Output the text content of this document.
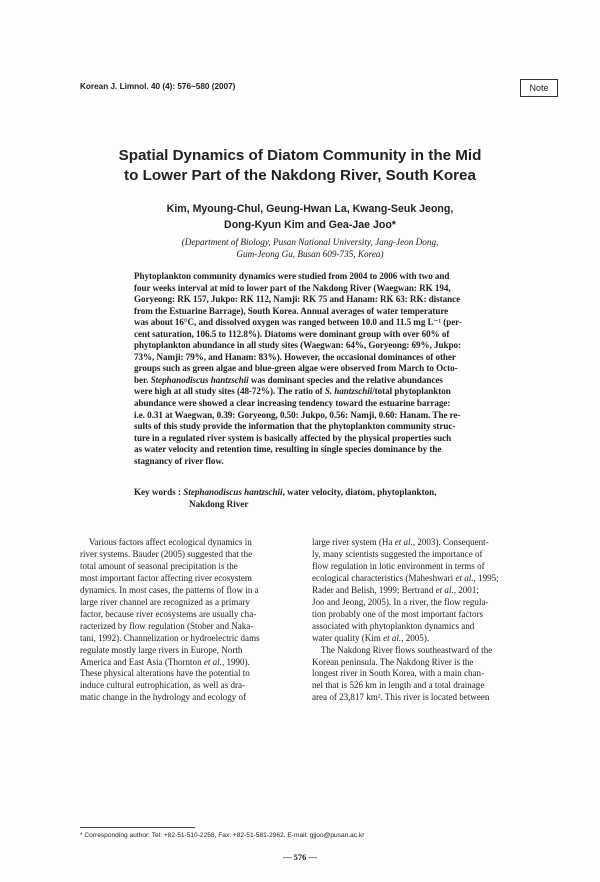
Korean J. Limnol. 40 (4): 576~580 (2007)	Note
Spatial Dynamics of Diatom Community in the Mid
to Lower Part of the Nakdong River, South Korea
Kim, Myoung-Chul, Geung-Hwan La, Kwang-Seuk Jeong,
Dong-Kyun Kim and Gea-Jae Joo*
(Department of Biology, Pusan National University, Jang-Jeon Dong,
Gum-Jeong Gu, Busan 609-735, Korea)
Phytoplankton community dynamics were studied from 2004 to 2006 with two and
four weeks interval at mid to lower part of the Nakdong River (Waegwan: RK 194,
Goryeong: RK 157, Jukpo: RK 112, Namji: RK 75 and Hanam: RK 63: RK: distance
from the Estuarine Barrage), South Korea. Annual averages of water temperature
was about 16°C, and dissolved oxygen was ranged between 10.0 and 11.5 mg L⁻¹ (per-
cent saturation, 106.5 to 112.8%). Diatoms were dominant group with over 60% of
phytoplankton abundance in all study sites (Waegwan: 64%, Goryeong: 69%, Jukpo:
73%, Namji: 79%, and Hanam: 83%). However, the occasional dominances of other
groups such as green algae and blue-green algae were observed from March to Octo-
ber. Stephanodiscus hantzschii was dominant species and the relative abundances
were high at all study sites (48-72%). The ratio of S. hantzschii/total phytoplankton
abundance were showed a clear increasing tendency toward the estuarine barrage:
i.e. 0.31 at Waegwan, 0.39: Goryeong, 0.50: Jukpo, 0.56: Namji, 0.60: Hanam. The re-
sults of this study provide the information that the phytoplankton community struc-
ture in a regulated river system is basically affected by the physical properties such
as water velocity and retention time, resulting in single species dominance by the
stagnancy of river flow.
Key words : Stephanodiscus hantzschii, water velocity, diatom, phytoplankton,
Nakdong River
Various factors affect ecological dynamics in
river systems. Bauder (2005) suggested that the
total amount of seasonal precipitation is the
most important factor affecting river ecosystem
dynamics. In most cases, the patterns of flow in a
large river channel are recognized as a primary
factor, because river ecosystems are usually cha-
racterized by flow regulation (Stober and Naka-
tani, 1992). Channelization or hydroelectric dams
regulate mostly large rivers in Europe, North
America and East Asia (Thornton et al., 1990).
These physical alterations have the potential to
induce cultural eutrophication, as well as dra-
matic change in the hydrology and ecology of
large river system (Ha et al., 2003). Consequent-
ly, many scientists suggested the importance of
flow regulation in lotic environment in terms of
ecological characteristics (Maheshwari et al., 1995;
Rader and Belish, 1999; Bertrand et al., 2001;
Joo and Jeong, 2005). In a river, the flow regula-
tion probably one of the most important factors
associated with phytoplankton dynamics and
water quality (Kim et al., 2005).
The Nakdong River flows southeastward of the
Korean peninsula. The Nakdong River is the
longest river in South Korea, with a main chan-
nel that is 526 km in length and a total drainage
area of 23,817 km². This river is located between
* Corresponding author: Tel: +82-51-510-2258, Fax: +82-51-581-2962, E-mail: gjjoo@pusan.ac.kr
— 576 —
